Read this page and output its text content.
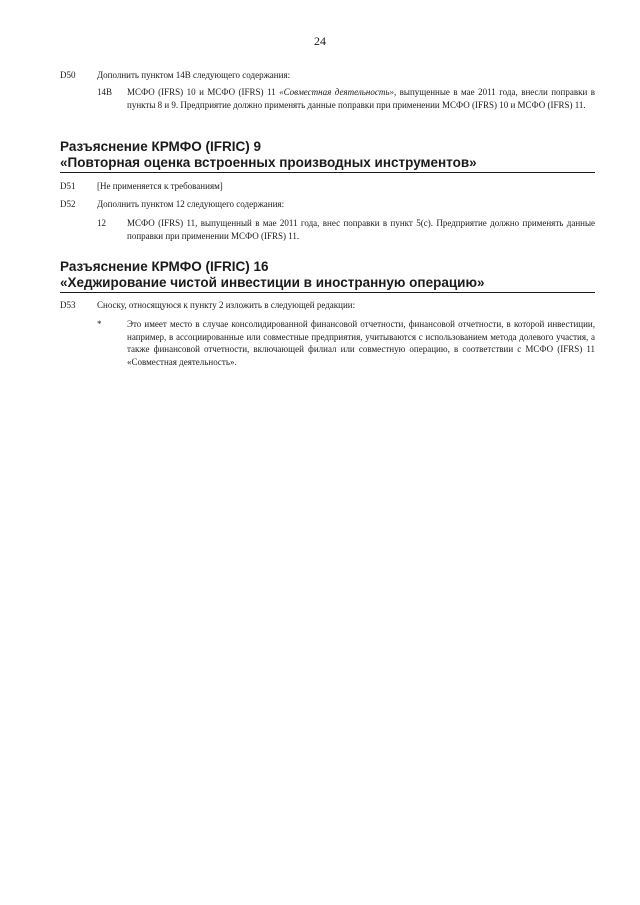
24
D50 Дополнить пунктом 14В следующего содержания:
14В МСФО (IFRS) 10 и МСФО (IFRS) 11 «Совместная деятельность», выпущенные в мае 2011 года, внесли поправки в пункты 8 и 9. Предприятие должно применять данные поправки при применении МСФО (IFRS) 10 и МСФО (IFRS) 11.
Разъяснение КРМФО (IFRIC) 9
«Повторная оценка встроенных производных инструментов»
D51 [Не применяется к требованиям]
D52 Дополнить пунктом 12 следующего содержания:
12 МСФО (IFRS) 11, выпущенный в мае 2011 года, внес поправки в пункт 5(c). Предприятие должно применять данные поправки при применении МСФО (IFRS) 11.
Разъяснение КРМФО (IFRIC) 16
«Хеджирование чистой инвестиции в иностранную операцию»
D53 Сноску, относящуюся к пункту 2 изложить в следующей редакции:
*	Это имеет место в случае консолидированной финансовой отчетности, финансовой отчетности, в которой инвестиции, например, в ассоциированные или совместные предприятия, учитываются с использованием метода долевого участия, а также финансовой отчетности, включающей филиал или совместную операцию, в соответствии с МСФО (IFRS) 11 «Совместная деятельность».
